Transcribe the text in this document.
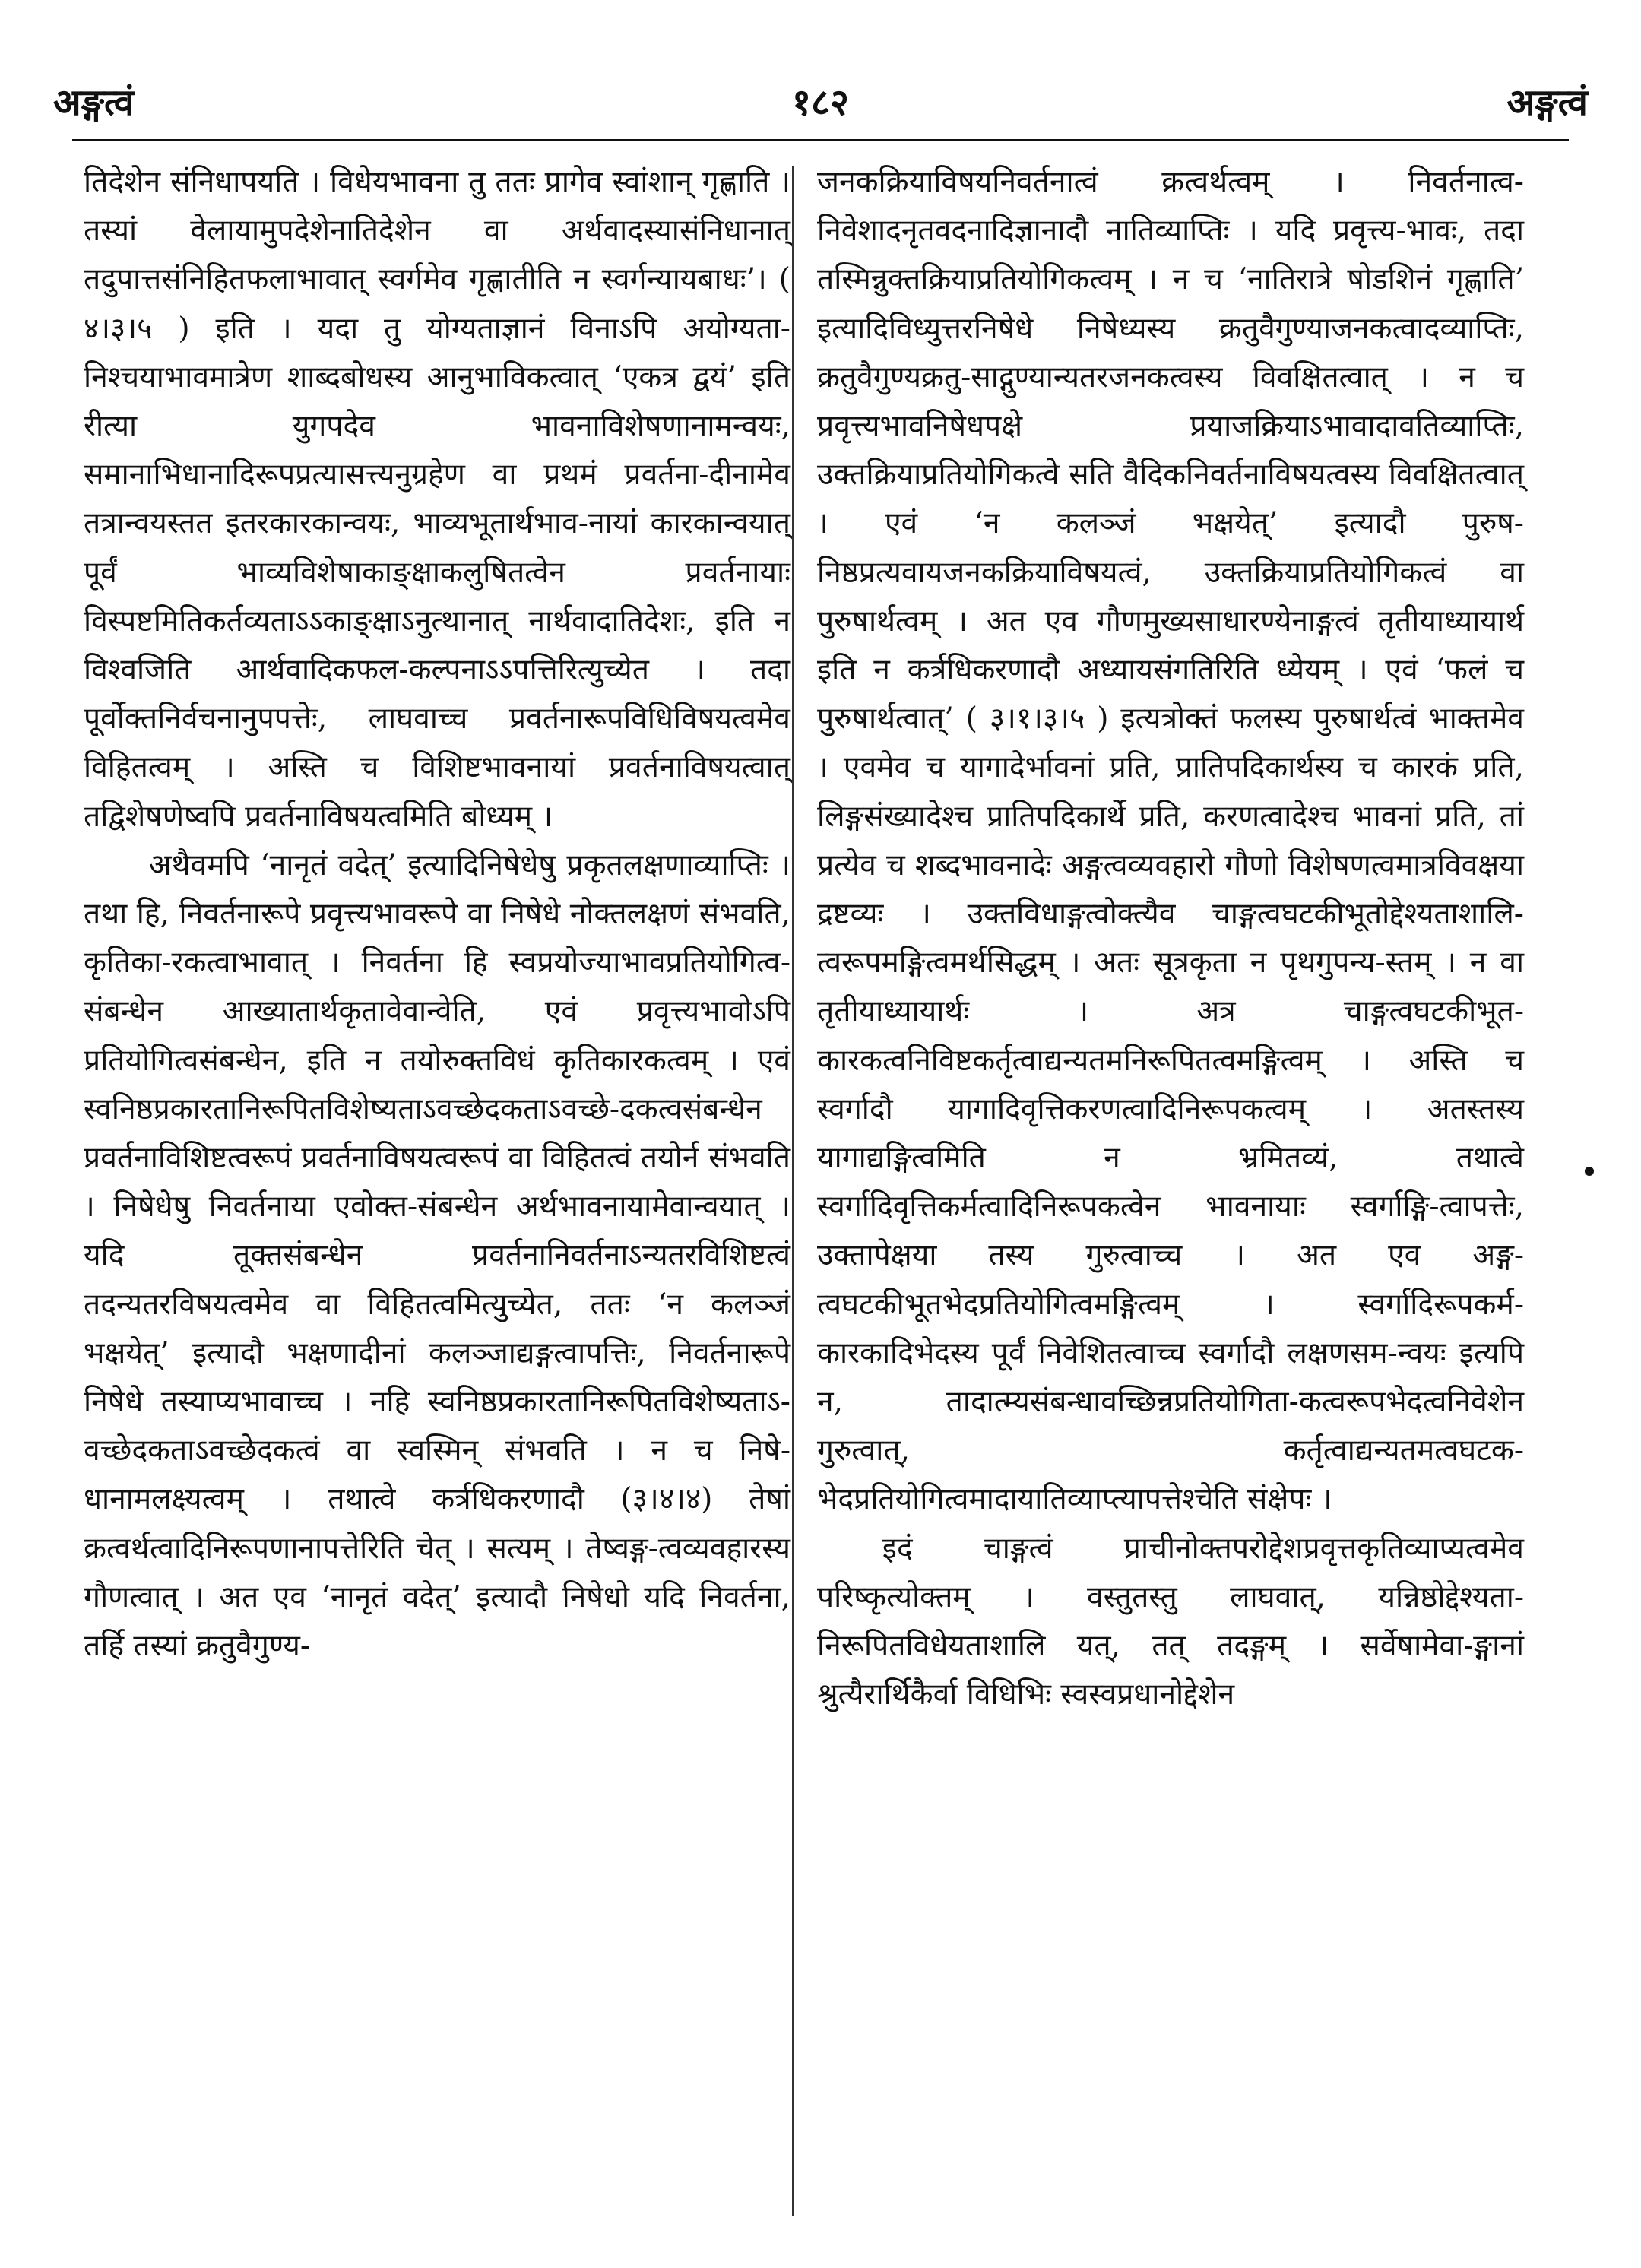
अङ्गत्वं	१८२	अङ्गत्वं

तिदेशेन संनिधापयति । विधेयभावना तु ततः प्रागेव स्वांशान् गृह्णाति । तस्यां वेलायामुपदेशेनातिदेशेन वा अर्थवादस्यासंनिधानात् तदुपात्तसंनिहितफलाभावात् स्वर्गमेव गृह्णातीति न स्वर्गन्यायबाधः’। ( ४।३।५ ) इति । यदा तु योग्यताज्ञानं विनाऽपि अयोग्यता-निश्चयाभावमात्रेण शाब्दबोधस्य आनुभाविकत्वात् ‘एकत्र द्वयं’ इति रीत्या युगपदेव भावनाविशेषणानामन्वयः, समानाभिधानादिरूपप्रत्यासत्त्यनुग्रहेण वा प्रथमं प्रवर्तना-दीनामेव तत्रान्वयस्तत इतरकारकान्वयः, भाव्यभूतार्थभाव-नायां कारकान्वयात् पूर्वं भाव्यविशेषाकाङ्क्षाकलुषितत्वेन प्रवर्तनायाः विस्पष्टमितिकर्तव्यताऽऽकाङ्क्षाऽनुत्थानात् नार्थवादातिदेशः, इति न विश्वजिति आर्थवादिकफल-कल्पनाऽऽपत्तिरित्युच्येत । तदा पूर्वोक्तनिर्वचनानुपपत्तेः, लाघवाच्च प्रवर्तनारूपविधिविषयत्वमेव विहितत्वम् । अस्ति च विशिष्टभावनायां प्रवर्तनाविषयत्वात् तद्विशेषणेष्वपि प्रवर्तनाविषयत्वमिति बोध्यम् ।

अथैवमपि ‘नानृतं वदेत्’ इत्यादिनिषेधेषु प्रकृतलक्षणाव्याप्तिः । तथा हि, निवर्तनारूपे प्रवृत्त्यभावरूपे वा निषेधे नोक्तलक्षणं संभवति, कृतिका-रकत्वाभावात् । निवर्तना हि स्वप्रयोज्याभावप्रतियोगित्व-संबन्धेन आख्यातार्थकृतावेवान्वेति, एवं प्रवृत्त्यभावोऽपि प्रतियोगित्वसंबन्धेन, इति न तयोरुक्तविधं कृतिकारकत्वम् । एवं स्वनिष्ठप्रकारतानिरूपितविशेष्यताऽवच्छेदकताऽवच्छे-दकत्वसंबन्धेन प्रवर्तनाविशिष्टत्वरूपं प्रवर्तनाविषयत्वरूपं वा विहितत्वं तयोर्न संभवति । निषेधेषु निवर्तनाया एवोक्त-संबन्धेन अर्थभावनायामेवान्वयात् । यदि तूक्तसंबन्धेन प्रवर्तनानिवर्तनाऽन्यतरविशिष्टत्वं तदन्यतरविषयत्वमेव वा विहितत्वमित्युच्येत, ततः ‘न कलञ्जं भक्षयेत्’ इत्यादौ भक्षणादीनां कलञ्जाद्यङ्गत्वापत्तिः, निवर्तनारूपे निषेधे तस्याप्यभावाच्च । नहि स्वनिष्ठप्रकारतानिरूपितविशेष्यताऽ-वच्छेदकताऽवच्छेदकत्वं वा स्वस्मिन् संभवति । न च निषे-धानामलक्ष्यत्वम् । तथात्वे कर्त्रधिकरणादौ (३।४।४) तेषां क्रत्वर्थत्वादिनिरूपणानापत्तेरिति चेत् । सत्यम् । तेष्वङ्ग-त्वव्यवहारस्य गौणत्वात् । अत एव ‘नानृतं वदेत्’ इत्यादौ निषेधो यदि निवर्तना, तर्हि तस्यां क्रतुवैगुण्य-

जनकक्रियाविषयनिवर्तनात्वं क्रत्वर्थत्वम् । निवर्तनात्व-निवेशादनृतवदनादिज्ञानादौ नातिव्याप्तिः । यदि प्रवृत्त्य-भावः, तदा तस्मिन्नुक्तक्रियाप्रतियोगिकत्वम् । न च ‘नातिरात्रे षोडशिनं गृह्णाति’ इत्यादिविध्युत्तरनिषेधे निषेध्यस्य क्रतुवैगुण्याजनकत्वादव्याप्तिः, क्रतुवैगुण्यक्रतु-साद्गुण्यान्यतरजनकत्वस्य विवक्षितत्वात् । न च प्रवृत्त्यभावनिषेधपक्षे प्रयाजक्रियाऽभावादावतिव्याप्तिः, उक्तक्रियाप्रतियोगिकत्वे सति वैदिकनिवर्तनाविषयत्वस्य विवक्षितत्वात् । एवं ‘न कलञ्जं भक्षयेत्’ इत्यादौ पुरुष-निष्ठप्रत्यवायजनकक्रियाविषयत्वं, उक्तक्रियाप्रतियोगिकत्वं वा पुरुषार्थत्वम् । अत एव गौणमुख्यसाधारण्येनाङ्गत्वं तृतीयाध्यायार्थ इति न कर्त्रधिकरणादौ अध्यायसंगतिरिति ध्येयम् । एवं ‘फलं च पुरुषार्थत्वात्’ ( ३।१।३।५ ) इत्यत्रोक्तं फलस्य पुरुषार्थत्वं भाक्तमेव । एवमेव च यागादेर्भावनां प्रति, प्रातिपदिकार्थस्य च कारकं प्रति, लिङ्गसंख्यादेश्च प्रातिपदिकार्थे प्रति, करणत्वादेश्च भावनां प्रति, तां प्रत्येव च शब्दभावनादेः अङ्गत्वव्यवहारो गौणो विशेषणत्वमात्रविवक्षया द्रष्टव्यः । उक्तविधाङ्गत्वोक्त्यैव चाङ्गत्वघटकीभूतोद्देश्यताशालि-त्वरूपमङ्गित्वमर्थसिद्धम् । अतः सूत्रकृता न पृथगुपन्य-स्तम् । न वा तृतीयाध्यायार्थः । अत्र चाङ्गत्वघटकीभूत-कारकत्वनिविष्टकर्तृत्वाद्यन्यतमनिरूपितत्वमङ्गित्वम् । अस्ति च स्वर्गादौ यागादिवृत्तिकरणत्वादिनिरूपकत्वम् । अतस्तस्य यागाद्यङ्गित्वमिति न भ्रमितव्यं, तथात्वे स्वर्गादिवृत्तिकर्मत्वादिनिरूपकत्वेन भावनायाः स्वर्गाङ्गि-त्वापत्तेः, उक्तापेक्षया तस्य गुरुत्वाच्च । अत एव अङ्ग-त्वघटकीभूतभेदप्रतियोगित्वमङ्गित्वम् । स्वर्गादिरूपकर्म-कारकादिभेदस्य पूर्वं निवेशितत्वाच्च स्वर्गादौ लक्षणसम-न्वयः इत्यपि न, तादात्म्यसंबन्धावच्छिन्नप्रतियोगिता-कत्वरूपभेदत्वनिवेशेन गुरुत्वात्, कर्तृत्वाद्यन्यतमत्वघटक-भेदप्रतियोगित्वमादायातिव्याप्त्यापत्तेश्चेति संक्षेपः ।

इदं चाङ्गत्वं प्राचीनोक्तपरोद्देशप्रवृत्तकृतिव्याप्यत्वमेव परिष्कृत्योक्तम् । वस्तुतस्तु लाघवात्, यन्निष्ठोद्देश्यता-निरूपितविधेयताशालि यत्, तत् तदङ्गम् । सर्वेषामेवा-ङ्गानां श्रुत्यैरार्थिकैर्वा विधिभिः स्वस्वप्रधानोद्देशेन
